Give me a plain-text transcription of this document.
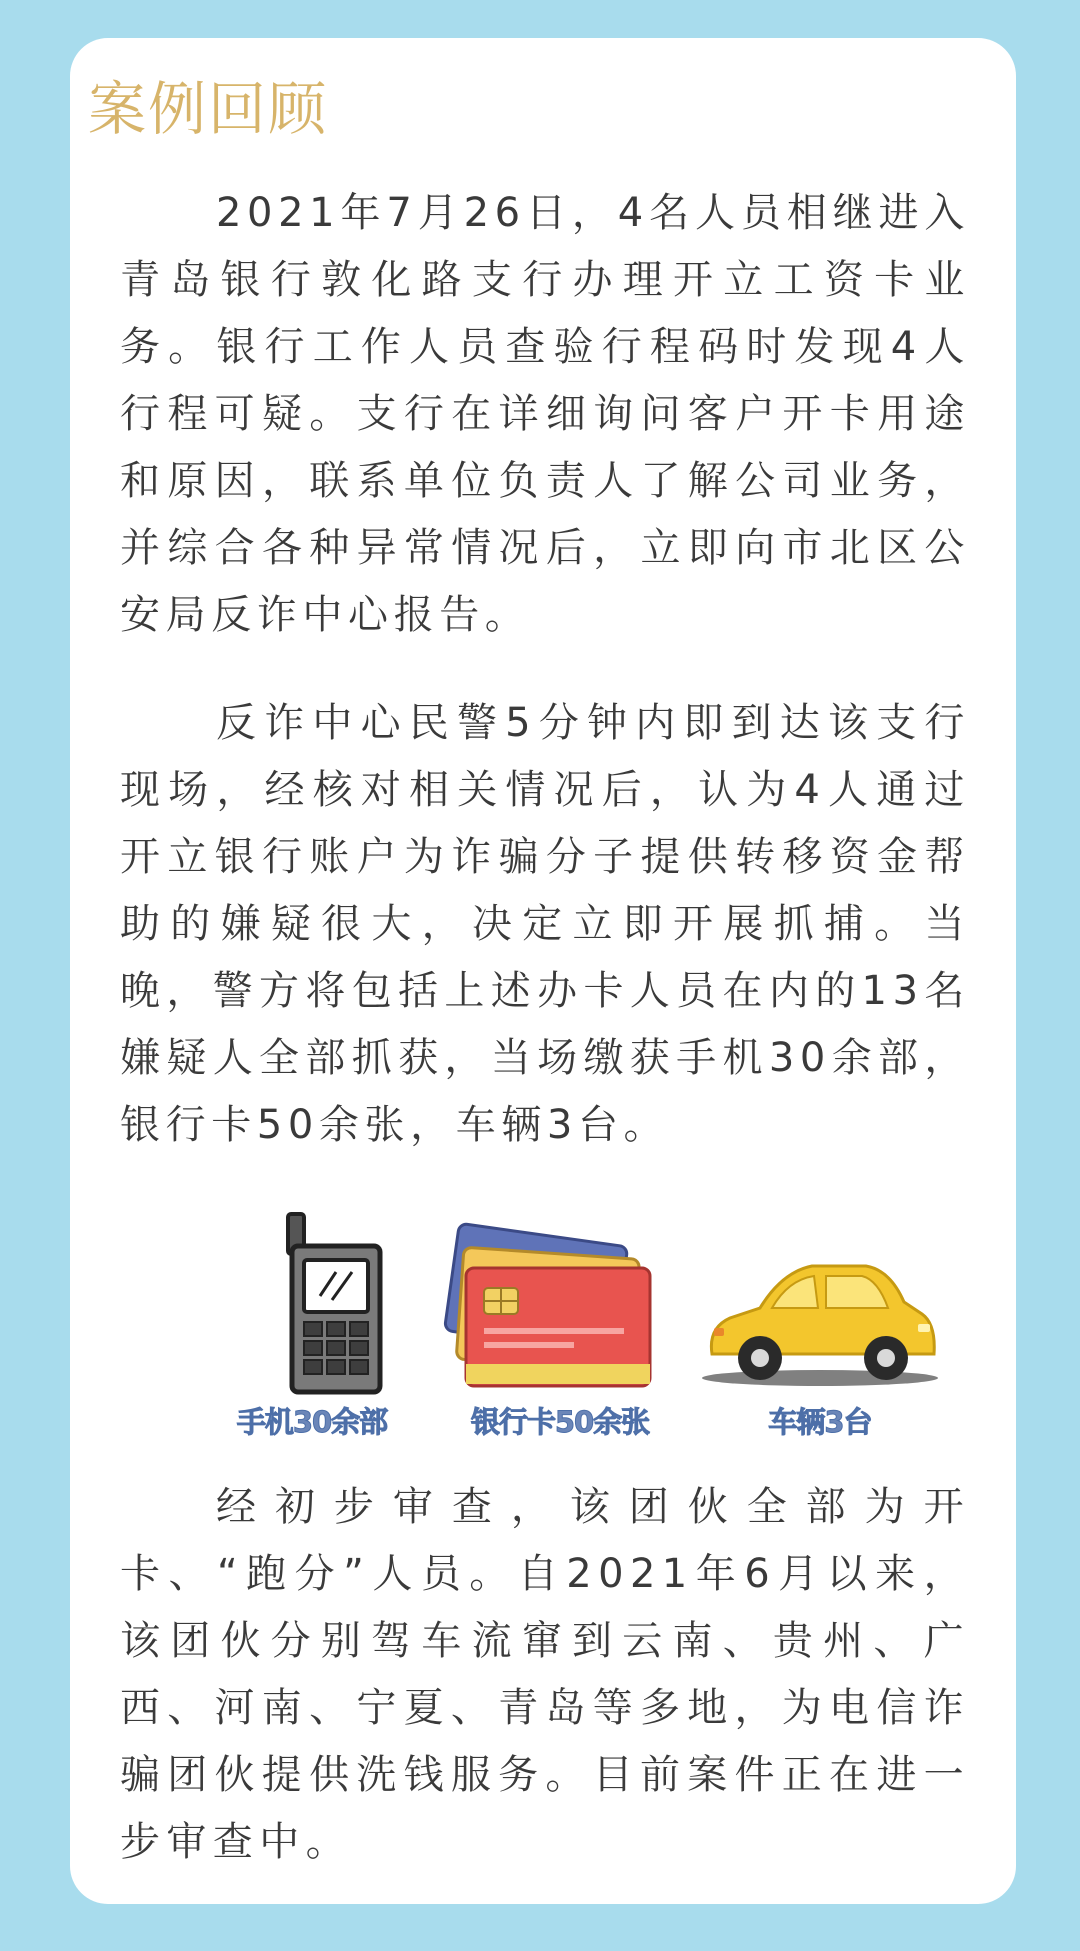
案例回顾

2021年7月26日，4名人员相继进入青岛银行敦化路支行办理开立工资卡业务。银行工作人员查验行程码时发现4人行程可疑。支行在详细询问客户开卡用途和原因，联系单位负责人了解公司业务，并综合各种异常情况后，立即向市北区公安局反诈中心报告。

反诈中心民警5分钟内即到达该支行现场，经核对相关情况后，认为4人通过开立银行账户为诈骗分子提供转移资金帮助的嫌疑很大，决定立即开展抓捕。当晚，警方将包括上述办卡人员在内的13名嫌疑人全部抓获，当场缴获手机30余部，银行卡50余张，车辆3台。

手机30余部	银行卡50余张	车辆3台

经初步审查，该团伙全部为开卡、“跑分”人员。自2021年6月以来，该团伙分别驾车流窜到云南、贵州、广西、河南、宁夏、青岛等多地，为电信诈骗团伙提供洗钱服务。目前案件正在进一步审查中。
